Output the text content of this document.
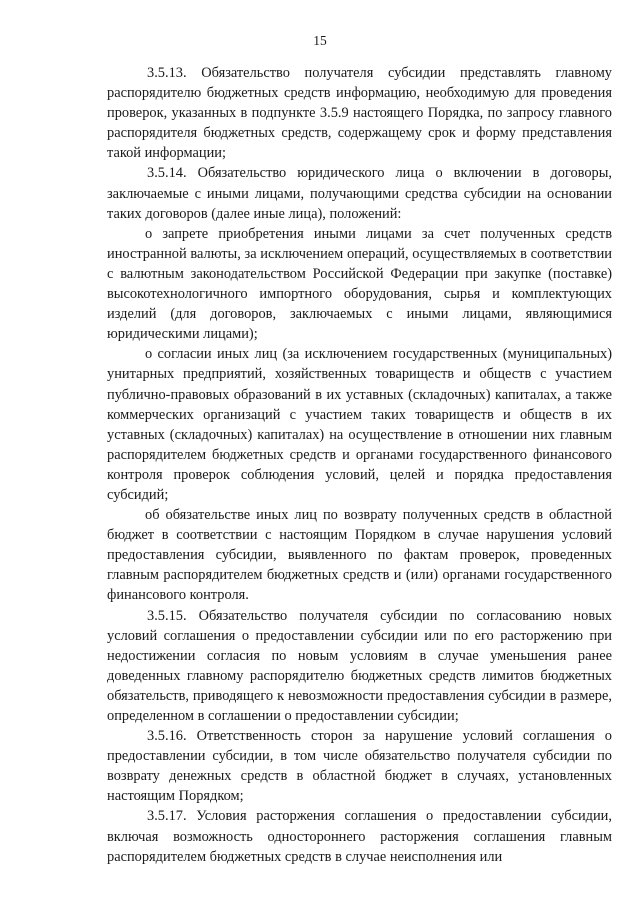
15

3.5.13. Обязательство получателя субсидии представлять главному распорядителю бюджетных средств информацию, необходимую для проведения проверок, указанных в подпункте 3.5.9 настоящего Порядка, по запросу главного распорядителя бюджетных средств, содержащему срок и форму представления такой информации;

3.5.14. Обязательство юридического лица о включении в договоры, заключаемые с иными лицами, получающими средства субсидии на основании таких договоров (далее иные лица), положений:

о запрете приобретения иными лицами за счет полученных средств иностранной валюты, за исключением операций, осуществляемых в соответствии с валютным законодательством Российской Федерации при закупке (поставке) высокотехнологичного импортного оборудования, сырья и комплектующих изделий (для договоров, заключаемых с иными лицами, являющимися юридическими лицами);

о согласии иных лиц (за исключением государственных (муниципальных) унитарных предприятий, хозяйственных товариществ и обществ с участием публично-правовых образований в их уставных (складочных) капиталах, а также коммерческих организаций с участием таких товариществ и обществ в их уставных (складочных) капиталах) на осуществление в отношении них главным распорядителем бюджетных средств и органами государственного финансового контроля проверок соблюдения условий, целей и порядка предоставления субсидий;

об обязательстве иных лиц по возврату полученных средств в областной бюджет в соответствии с настоящим Порядком в случае нарушения условий предоставления субсидии, выявленного по фактам проверок, проведенных главным распорядителем бюджетных средств и (или) органами государственного финансового контроля.

3.5.15. Обязательство получателя субсидии по согласованию новых условий соглашения о предоставлении субсидии или по его расторжению при недостижении согласия по новым условиям в случае уменьшения ранее доведенных главному распорядителю бюджетных средств лимитов бюджетных обязательств, приводящего к невозможности предоставления субсидии в размере, определенном в соглашении о предоставлении субсидии;

3.5.16. Ответственность сторон за нарушение условий соглашения о предоставлении субсидии, в том числе обязательство получателя субсидии по возврату денежных средств в областной бюджет в случаях, установленных настоящим Порядком;

3.5.17. Условия расторжения соглашения о предоставлении субсидии, включая возможность одностороннего расторжения соглашения главным распорядителем бюджетных средств в случае неисполнения или
